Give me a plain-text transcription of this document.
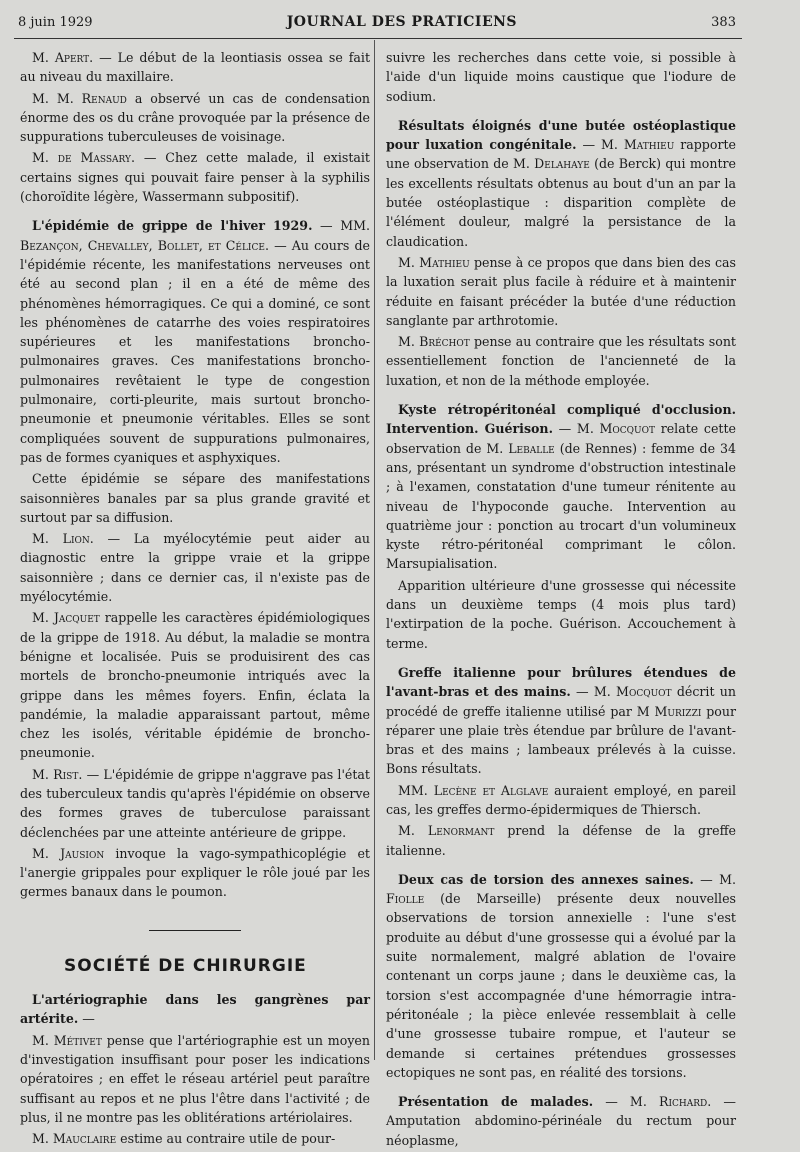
8 juin 1929	JOURNAL DES PRATICIENS	383

M. Apert. — Le début de la leontiasis ossea se fait au niveau du maxillaire.

M. M. Renaud a observé un cas de condensation énorme des os du crâne provoquée par la présence de suppurations tuberculeuses de voisinage.

M. de Massary. — Chez cette malade, il existait certains signes qui pouvait faire penser à la syphilis (choroïdite légère, Wassermann subpositif).

L'épidémie de grippe de l'hiver 1929. — MM. Bezançon, Chevalley, Bollet, et Célice. — Au cours de l'épidémie récente, les manifestations nerveuses ont été au second plan ; il en a été de même des phénomènes hémorragiques. Ce qui a dominé, ce sont les phénomènes de catarrhe des voies respiratoires supérieures et les manifestations broncho-pulmonaires graves. Ces manifestations broncho-pulmonaires revêtaient le type de congestion pulmonaire, corti-pleurite, mais surtout broncho-pneumonie et pneumonie véritables. Elles se sont compliquées souvent de suppurations pulmonaires, pas de formes cyaniques et asphyxiques.

Cette épidémie se sépare des manifestations saisonnières banales par sa plus grande gravité et surtout par sa diffusion.

M. Lion. — La myélocytémie peut aider au diagnostic entre la grippe vraie et la grippe saisonnière ; dans ce dernier cas, il n'existe pas de myélocytémie.

M. Jacquet rappelle les caractères épidémiologiques de la grippe de 1918. Au début, la maladie se montra bénigne et localisée. Puis se produisirent des cas mortels de broncho-pneumonie intriqués avec la grippe dans les mêmes foyers. Enfin, éclata la pandémie, la maladie apparaissant partout, même chez les isolés, véritable épidémie de broncho-pneumonie.

M. Rist. — L'épidémie de grippe n'aggrave pas l'état des tuberculeux tandis qu'après l'épidémie on observe des formes graves de tuberculose paraissant déclenchées par une atteinte antérieure de grippe.

M. Jausion invoque la vago-sympathicoplégie et l'anergie grippales pour expliquer le rôle joué par les germes banaux dans le poumon.

SOCIÉTÉ DE CHIRURGIE

L'artériographie dans les gangrènes par artérite. —

M. Métivet pense que l'artériographie est un moyen d'investigation insuffisant pour poser les indications opératoires ; en effet le réseau artériel peut paraître suffisant au repos et ne plus l'être dans l'activité ; de plus, il ne montre pas les oblitérations artériolaires.

M. Mauclaire estime au contraire utile de pour-

suivre les recherches dans cette voie, si possible à l'aide d'un liquide moins caustique que l'iodure de sodium.

Résultats éloignés d'une butée ostéoplastique pour luxation congénitale. — M. Mathieu rapporte une observation de M. Delahaye (de Berck) qui montre les excellents résultats obtenus au bout d'un an par la butée ostéoplastique : disparition complète de l'élément douleur, malgré la persistance de la claudication.

M. Mathieu pense à ce propos que dans bien des cas la luxation serait plus facile à réduire et à maintenir réduite en faisant précéder la butée d'une réduction sanglante par arthrotomie.

M. Bréchot pense au contraire que les résultats sont essentiellement fonction de l'ancienneté de la luxation, et non de la méthode employée.

Kyste rétropéritonéal compliqué d'occlusion. Intervention. Guérison. — M. Mocquot relate cette observation de M. Leballe (de Rennes) : femme de 34 ans, présentant un syndrome d'obstruction intestinale ; à l'examen, constatation d'une tumeur rénitente au niveau de l'hypoconde gauche. Intervention au quatrième jour : ponction au trocart d'un volumineux kyste rétro-péritonéal comprimant le côlon. Marsupialisation.

Apparition ultérieure d'une grossesse qui nécessite dans un deuxième temps (4 mois plus tard) l'extirpation de la poche. Guérison. Accouchement à terme.

Greffe italienne pour brûlures étendues de l'avant-bras et des mains. — M. Mocquot décrit un procédé de greffe italienne utilisé par M Murizzi pour réparer une plaie très étendue par brûlure de l'avant-bras et des mains ; lambeaux prélevés à la cuisse. Bons résultats.

MM. Lecène et Alglave auraient employé, en pareil cas, les greffes dermo-épidermiques de Thiersch.

M. Lenormant prend la défense de la greffe italienne.

Deux cas de torsion des annexes saines. — M. Fiolle (de Marseille) présente deux nouvelles observations de torsion annexielle : l'une s'est produite au début d'une grossesse qui a évolué par la suite normalement, malgré ablation de l'ovaire contenant un corps jaune ; dans le deuxième cas, la torsion s'est accompagnée d'une hémorragie intra-péritonéale ; la pièce enlevée ressemblait à celle d'une grossesse tubaire rompue, et l'auteur se demande si certaines prétendues grossesses ectopiques ne sont pas, en réalité des torsions.

Présentation de malades. — M. Richard. — Amputation abdomino-périnéale du rectum pour néoplasme,
